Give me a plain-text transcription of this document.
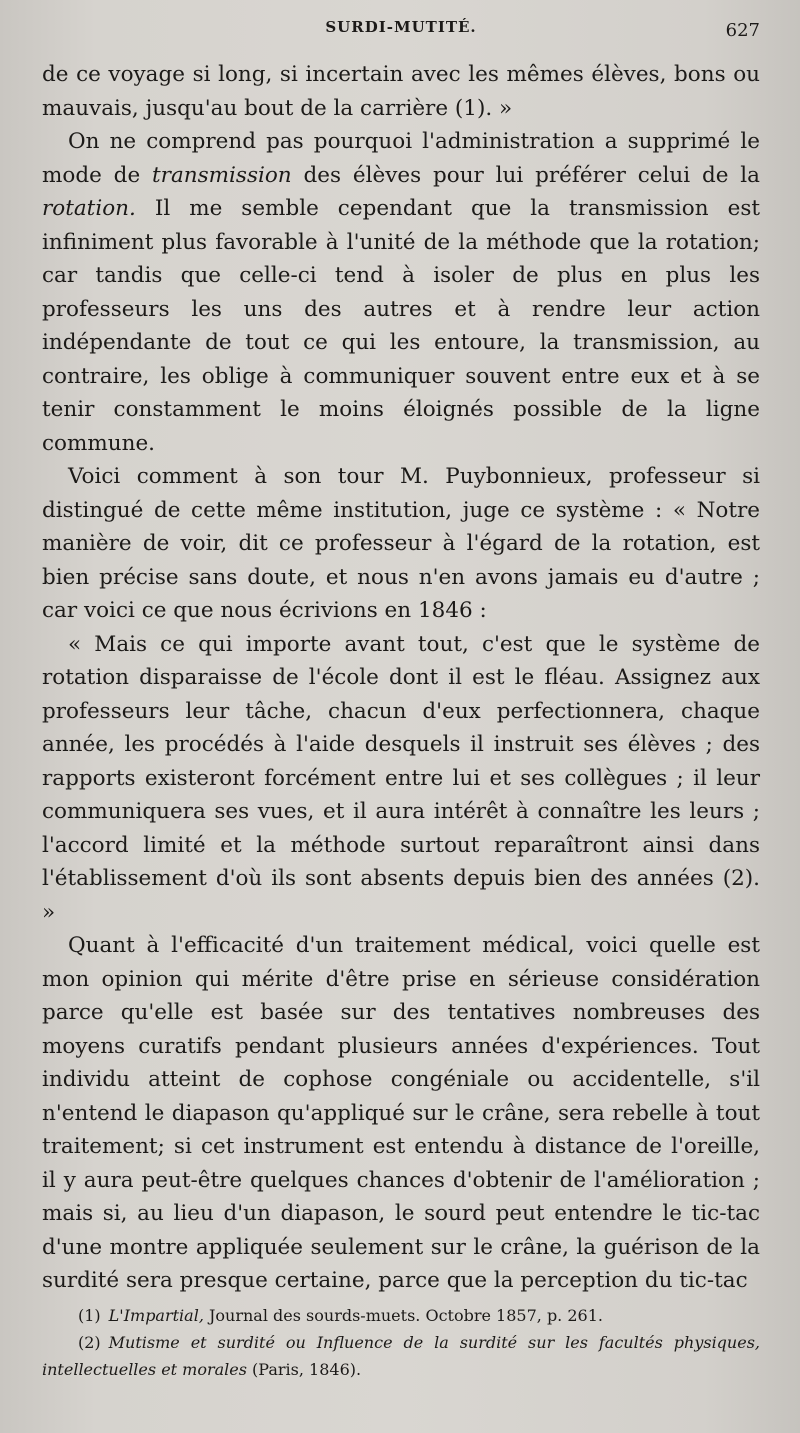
SURDI-MUTITÉ.	627

de ce voyage si long, si incertain avec les mêmes élèves, bons ou mauvais, jusqu'au bout de la carrière (1). »

On ne comprend pas pourquoi l'administration a supprimé le mode de transmission des élèves pour lui préférer celui de la rotation. Il me semble cependant que la transmission est infiniment plus favorable à l'unité de la méthode que la rotation; car tandis que celle-ci tend à isoler de plus en plus les professeurs les uns des autres et à rendre leur action indépendante de tout ce qui les entoure, la transmission, au contraire, les oblige à communiquer souvent entre eux et à se tenir constamment le moins éloignés possible de la ligne commune.

Voici comment à son tour M. Puybonnieux, professeur si distingué de cette même institution, juge ce système : « Notre manière de voir, dit ce professeur à l'égard de la rotation, est bien précise sans doute, et nous n'en avons jamais eu d'autre ; car voici ce que nous écrivions en 1846 :

« Mais ce qui importe avant tout, c'est que le système de rotation disparaisse de l'école dont il est le fléau. Assignez aux professeurs leur tâche, chacun d'eux perfectionnera, chaque année, les procédés à l'aide desquels il instruit ses élèves ; des rapports existeront forcément entre lui et ses collègues ; il leur communiquera ses vues, et il aura intérêt à connaître les leurs ; l'accord limité et la méthode surtout reparaîtront ainsi dans l'établissement d'où ils sont absents depuis bien des années (2). »

Quant à l'efficacité d'un traitement médical, voici quelle est mon opinion qui mérite d'être prise en sérieuse considération parce qu'elle est basée sur des tentatives nombreuses des moyens curatifs pendant plusieurs années d'expériences. Tout individu atteint de cophose congéniale ou accidentelle, s'il n'entend le diapason qu'appliqué sur le crâne, sera rebelle à tout traitement; si cet instrument est entendu à distance de l'oreille, il y aura peut-être quelques chances d'obtenir de l'amélioration ; mais si, au lieu d'un diapason, le sourd peut entendre le tic-tac d'une montre appliquée seulement sur le crâne, la guérison de la surdité sera presque certaine, parce que la perception du tic-tac

(1) L'Impartial, Journal des sourds-muets. Octobre 1857, p. 261.

(2) Mutisme et surdité ou Influence de la surdité sur les facultés physiques, intellectuelles et morales (Paris, 1846).
